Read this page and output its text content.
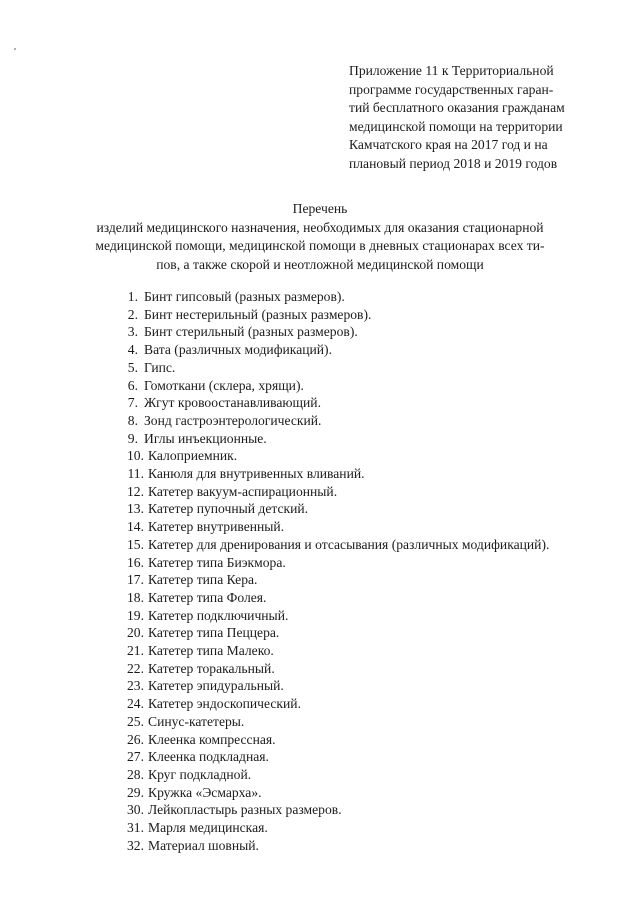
Приложение 11 к Территориальной
программе государственных гаран-
тий бесплатного оказания гражданам
медицинской помощи на территории
Камчатского края на 2017 год и на
плановый период 2018 и 2019 годов
Перечень
изделий медицинского назначения, необходимых для оказания стационарной
медицинской помощи, медицинской помощи в дневных стационарах всех ти-
пов, а также скорой и неотложной медицинской помощи
1. Бинт гипсовый (разных размеров).
2. Бинт нестерильный (разных размеров).
3. Бинт стерильный (разных размеров).
4. Вата (различных модификаций).
5. Гипс.
6. Гомоткани (склера, хрящи).
7. Жгут кровоостанавливающий.
8. Зонд гастроэнтерологический.
9. Иглы инъекционные.
10. Калоприемник.
11. Канюля для внутривенных вливаний.
12. Катетер вакуум-аспирационный.
13. Катетер пупочный детский.
14. Катетер внутривенный.
15. Катетер для дренирования и отсасывания (различных модификаций).
16. Катетер типа Биэкмора.
17. Катетер типа Кера.
18. Катетер типа Фолея.
19. Катетер подключичный.
20. Катетер типа Пеццера.
21. Катетер типа Малеко.
22. Катетер торакальный.
23. Катетер эпидуральный.
24. Катетер эндоскопический.
25. Синус-катетеры.
26. Клеенка компрессная.
27. Клеенка подкладная.
28. Круг подкладной.
29. Кружка «Эсмарха».
30. Лейкопластырь разных размеров.
31. Марля медицинская.
32. Материал шовный.
